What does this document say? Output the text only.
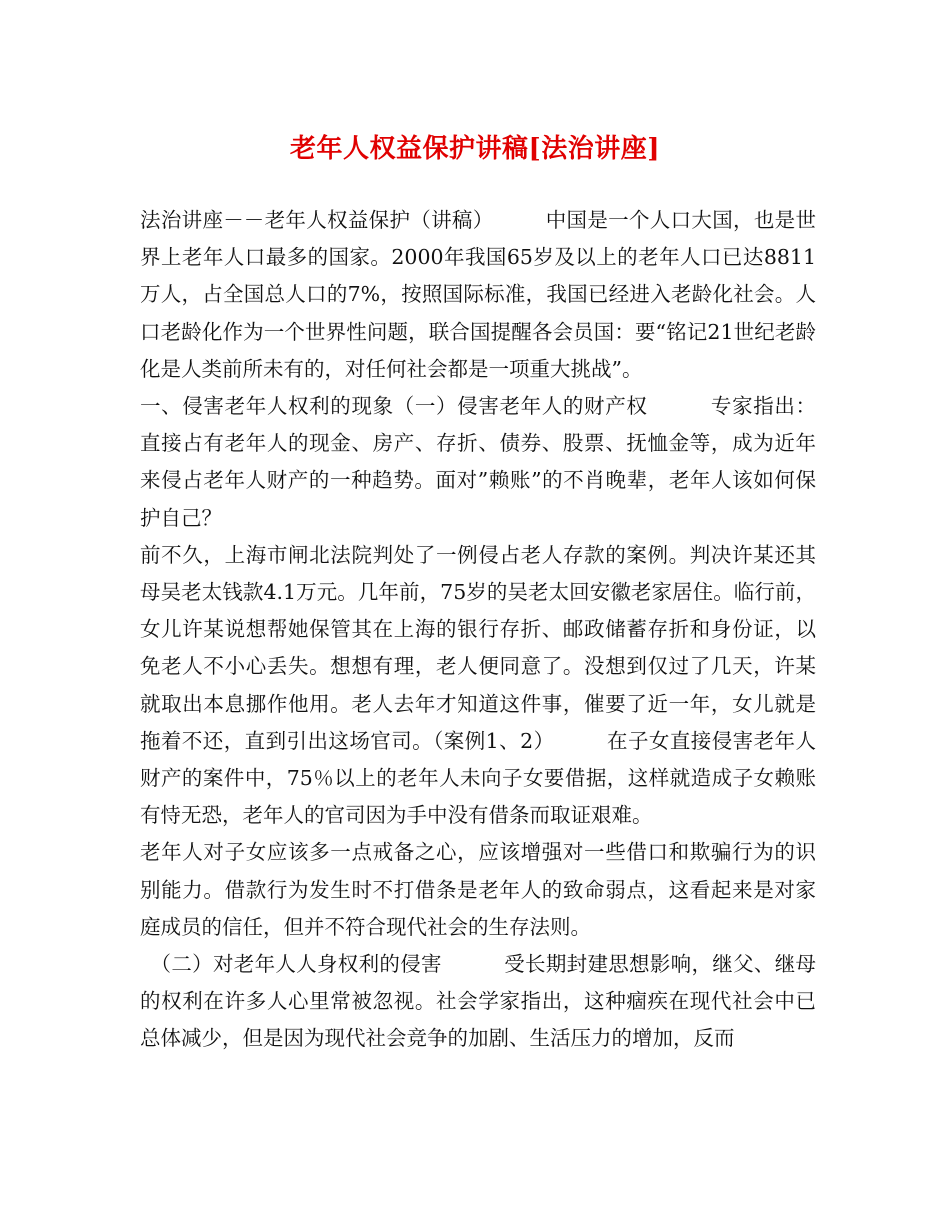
老年人权益保护讲稿[法治讲座]

法治讲座－－老年人权益保护（讲稿）　　　中国是一个人口大国，也是世界上老年人口最多的国家。2000年我国65岁及以上的老年人口已达8811万人，占全国总人口的7%，按照国际标准，我国已经进入老龄化社会。人口老龄化作为一个世界性问题，联合国提醒各会员国：要“铭记21世纪老龄化是人类前所未有的，对任何社会都是一项重大挑战”。

一、侵害老年人权利的现象（一）侵害老年人的财产权　　　专家指出：直接占有老年人的现金、房产、存折、债券、股票、抚恤金等，成为近年来侵占老年人财产的一种趋势。面对”赖账”的不肖晚辈，老年人该如何保护自己？

前不久，上海市闸北法院判处了一例侵占老人存款的案例。判决许某还其母吴老太钱款4.1万元。几年前，75岁的吴老太回安徽老家居住。临行前，女儿许某说想帮她保管其在上海的银行存折、邮政储蓄存折和身份证，以免老人不小心丢失。想想有理，老人便同意了。没想到仅过了几天，许某就取出本息挪作他用。老人去年才知道这件事，催要了近一年，女儿就是拖着不还，直到引出这场官司。（案例1、2）　　　在子女直接侵害老年人财产的案件中，75％以上的老年人未向子女要借据，这样就造成子女赖账有恃无恐，老年人的官司因为手中没有借条而取证艰难。

老年人对子女应该多一点戒备之心，应该增强对一些借口和欺骗行为的识别能力。借款行为发生时不打借条是老年人的致命弱点，这看起来是对家庭成员的信任，但并不符合现代社会的生存法则。

　（二）对老年人人身权利的侵害　　　受长期封建思想影响，继父、继母的权利在许多人心里常被忽视。社会学家指出，这种痼疾在现代社会中已总体减少，但是因为现代社会竞争的加剧、生活压力的增加，反而
